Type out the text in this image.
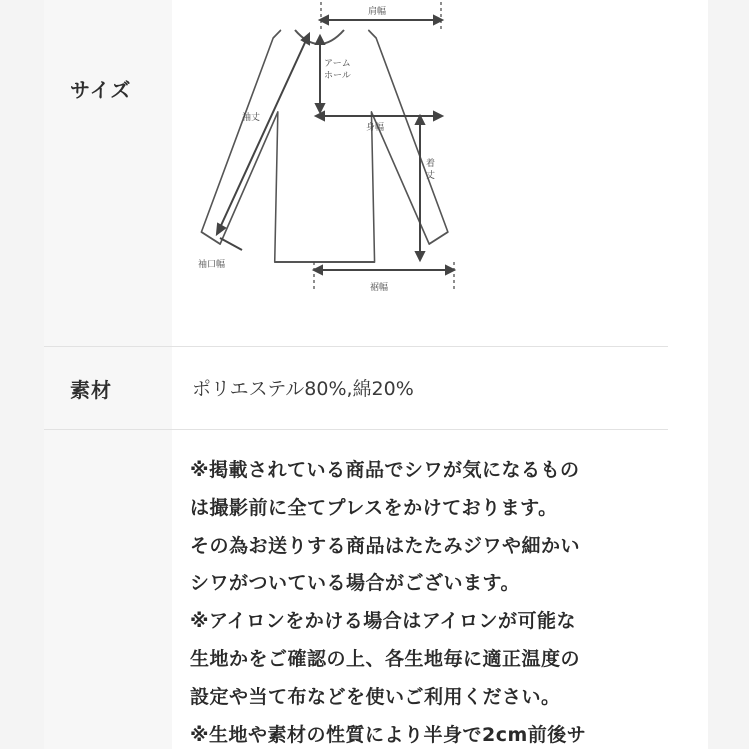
サイズ
肩幅
アーム
ホール
袖丈
身幅
着
丈
袖口幅
裾幅
素材	ポリエステル80%,綿20%
※掲載されている商品でシワが気になるもの
は撮影前に全てプレスをかけております。
その為お送りする商品はたたみジワや細かい
シワがついている場合がございます。
※アイロンをかける場合はアイロンが可能な
生地かをご確認の上、各生地毎に適正温度の
設定や当て布などを使いご利用ください。
※生地や素材の性質により半身で2cm前後サ
